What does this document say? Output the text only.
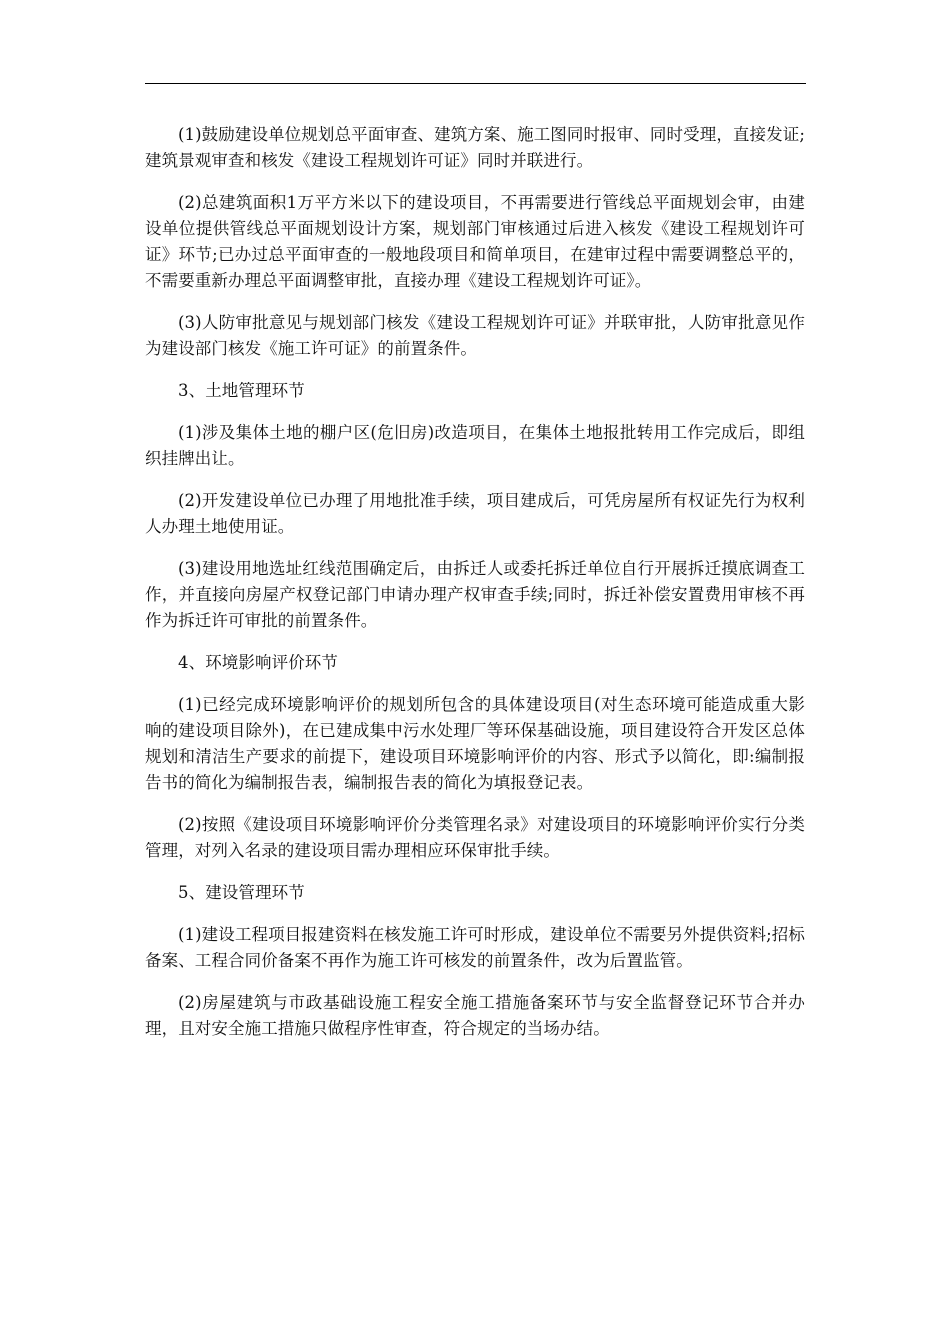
(1)鼓励建设单位规划总平面审查、建筑方案、施工图同时报审、同时受理，直接发证;建筑景观审查和核发《建设工程规划许可证》同时并联进行。

(2)总建筑面积1万平方米以下的建设项目，不再需要进行管线总平面规划会审，由建设单位提供管线总平面规划设计方案，规划部门审核通过后进入核发《建设工程规划许可证》环节;已办过总平面审查的一般地段项目和简单项目，在建审过程中需要调整总平的，不需要重新办理总平面调整审批，直接办理《建设工程规划许可证》。

(3)人防审批意见与规划部门核发《建设工程规划许可证》并联审批，人防审批意见作为建设部门核发《施工许可证》的前置条件。

3、土地管理环节

(1)涉及集体土地的棚户区(危旧房)改造项目，在集体土地报批转用工作完成后，即组织挂牌出让。

(2)开发建设单位已办理了用地批准手续，项目建成后，可凭房屋所有权证先行为权利人办理土地使用证。

(3)建设用地选址红线范围确定后，由拆迁人或委托拆迁单位自行开展拆迁摸底调查工作，并直接向房屋产权登记部门申请办理产权审查手续;同时，拆迁补偿安置费用审核不再作为拆迁许可审批的前置条件。

4、环境影响评价环节

(1)已经完成环境影响评价的规划所包含的具体建设项目(对生态环境可能造成重大影响的建设项目除外)，在已建成集中污水处理厂等环保基础设施，项目建设符合开发区总体规划和清洁生产要求的前提下，建设项目环境影响评价的内容、形式予以简化，即:编制报告书的简化为编制报告表，编制报告表的简化为填报登记表。

(2)按照《建设项目环境影响评价分类管理名录》对建设项目的环境影响评价实行分类管理，对列入名录的建设项目需办理相应环保审批手续。

5、建设管理环节

(1)建设工程项目报建资料在核发施工许可时形成，建设单位不需要另外提供资料;招标备案、工程合同价备案不再作为施工许可核发的前置条件，改为后置监管。

(2)房屋建筑与市政基础设施工程安全施工措施备案环节与安全监督登记环节合并办理，且对安全施工措施只做程序性审查，符合规定的当场办结。
